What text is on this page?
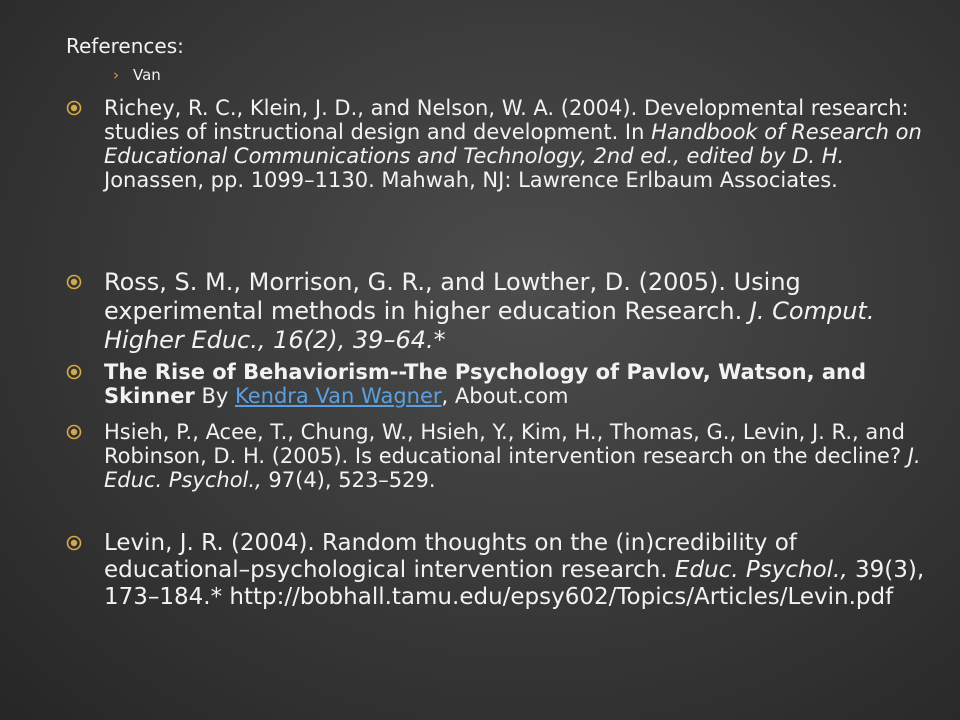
References:
› Van
Richey, R. C., Klein, J. D., and Nelson, W. A. (2004). Developmental research: studies of instructional design and development. In Handbook of Research on Educational Communications and Technology, 2nd ed., edited by D. H. Jonassen, pp. 1099–1130. Mahwah, NJ: Lawrence Erlbaum Associates.
Ross, S. M., Morrison, G. R., and Lowther, D. (2005). Using experimental methods in higher education Research. J. Comput. Higher Educ., 16(2), 39–64.*
The Rise of Behaviorism--The Psychology of Pavlov, Watson, and Skinner By Kendra Van Wagner, About.com
Hsieh, P., Acee, T., Chung, W., Hsieh, Y., Kim, H., Thomas, G., Levin, J. R., and Robinson, D. H. (2005). Is educational intervention research on the decline? J. Educ. Psychol., 97(4), 523–529.
Levin, J. R. (2004). Random thoughts on the (in)credibility of educational–psychological intervention research. Educ. Psychol., 39(3), 173–184.* http://bobhall.tamu.edu/epsy602/Topics/Articles/Levin.pdf
